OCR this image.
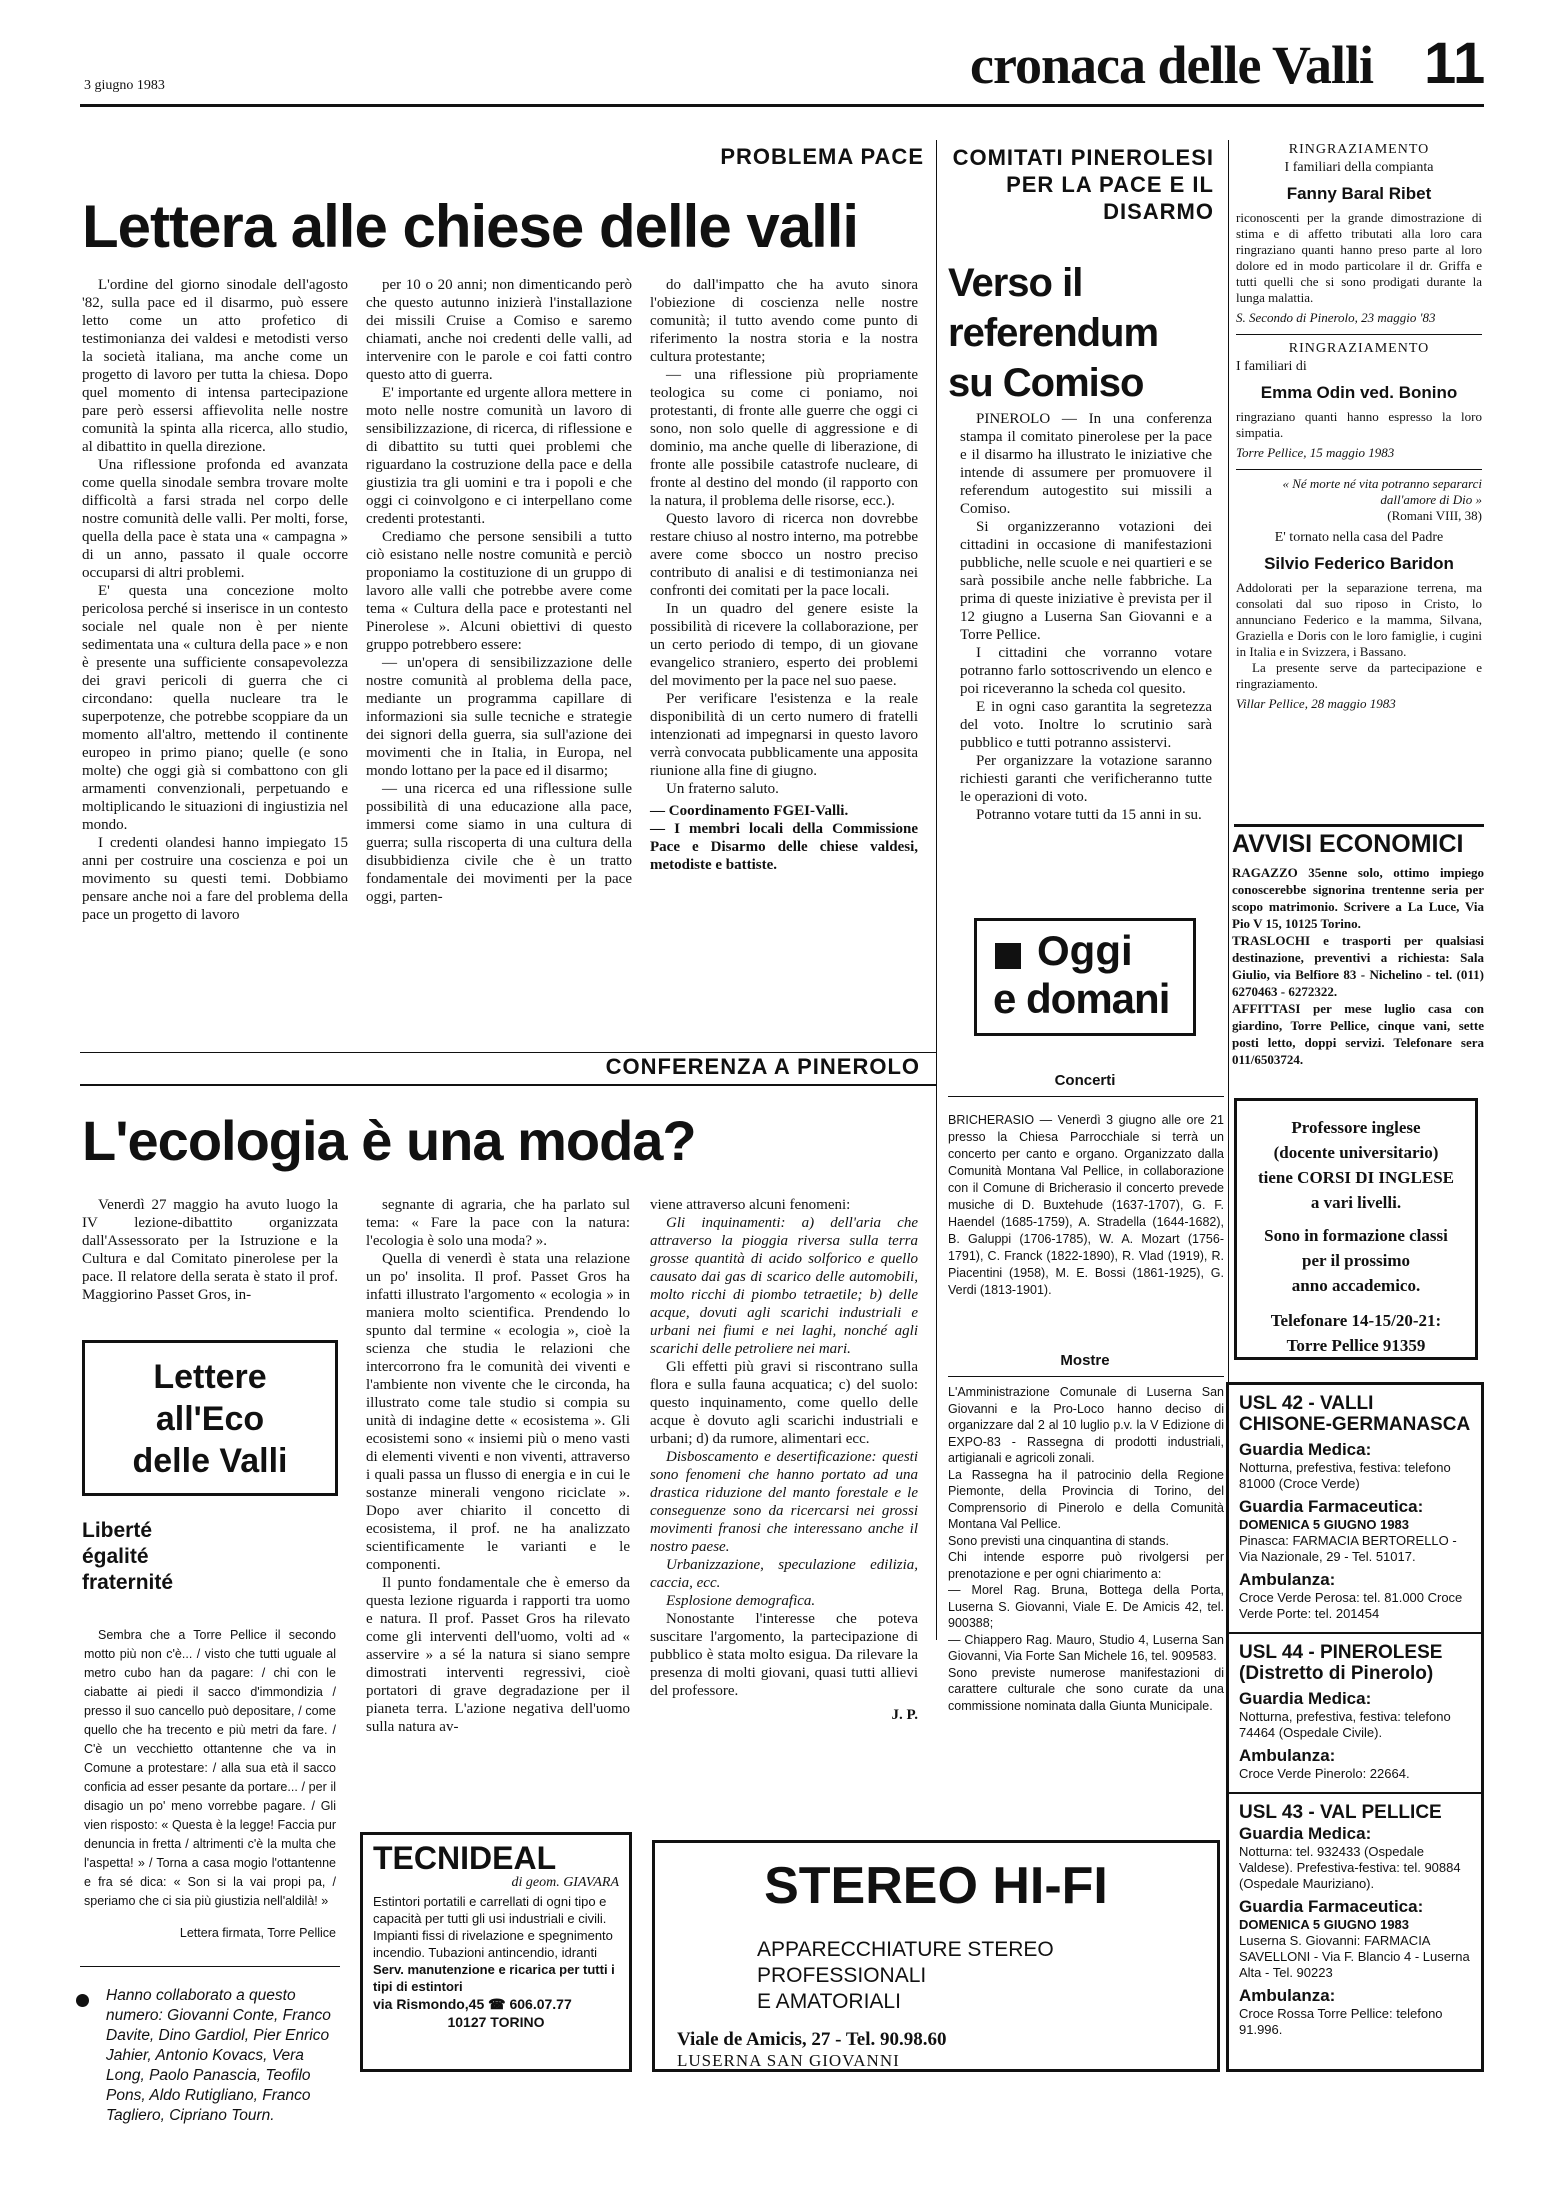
3 giugno 1983	cronaca delle Valli 11
PROBLEMA PACE
Lettera alle chiese delle valli

L'ordine del giorno sinodale dell'agosto '82, sulla pace ed il disarmo, può essere letto come un atto profetico di testimonianza dei valdesi e metodisti verso la società italiana, ma anche come un progetto di lavoro per tutta la chiesa. Dopo quel momento di intensa partecipazione pare però essersi affievolita nelle nostre comunità la spinta alla ricerca, allo studio, al dibattito in quella direzione.

Una riflessione profonda ed avanzata come quella sinodale sembra trovare molte difficoltà a farsi strada nel corpo delle nostre comunità delle valli. Per molti, forse, quella della pace è stata una « campagna » di un anno, passato il quale occorre occuparsi di altri problemi.

E' questa una concezione molto pericolosa perché si inserisce in un contesto sociale nel quale non è per niente sedimentata una « cultura della pace » e non è presente una sufficiente consapevolezza dei gravi pericoli di guerra che ci circondano: quella nucleare tra le superpotenze, che potrebbe scoppiare da un momento all'altro, mettendo il continente europeo in primo piano; quelle (e sono molte) che oggi già si combattono con gli armamenti convenzionali, perpetuando e moltiplicando le situazioni di ingiustizia nel mondo.

I credenti olandesi hanno impiegato 15 anni per costruire una coscienza e poi un movimento su questi temi. Dobbiamo pensare anche noi a fare del problema della pace un progetto di lavoro

per 10 o 20 anni; non dimenticando però che questo autunno inizierà l'installazione dei missili Cruise a Comiso e saremo chiamati, anche noi credenti delle valli, ad intervenire con le parole e coi fatti contro questo atto di guerra.

E' importante ed urgente allora mettere in moto nelle nostre comunità un lavoro di sensibilizzazione, di ricerca, di riflessione e di dibattito su tutti quei problemi che riguardano la costruzione della pace e della giustizia tra gli uomini e tra i popoli e che oggi ci coinvolgono e ci interpellano come credenti protestanti.

Crediamo che persone sensibili a tutto ciò esistano nelle nostre comunità e perciò proponiamo la costituzione di un gruppo di lavoro alle valli che potrebbe avere come tema « Cultura della pace e protestanti nel Pinerolese ». Alcuni obiettivi di questo gruppo potrebbero essere:

— un'opera di sensibilizzazione delle nostre comunità al problema della pace, mediante un programma capillare di informazioni sia sulle tecniche e strategie dei signori della guerra, sia sull'azione dei movimenti che in Italia, in Europa, nel mondo lottano per la pace ed il disarmo;

— una ricerca ed una riflessione sulle possibilità di una educazione alla pace, immersi come siamo in una cultura di guerra; sulla riscoperta di una cultura della disubbidienza civile che è un tratto fondamentale dei movimenti per la pace oggi, parten-

do dall'impatto che ha avuto sinora l'obiezione di coscienza nelle nostre comunità; il tutto avendo come punto di riferimento la nostra storia e la nostra cultura protestante;

— una riflessione più propriamente teologica su come ci poniamo, noi protestanti, di fronte alle guerre che oggi ci sono, non solo quelle di aggressione e di dominio, ma anche quelle di liberazione, di fronte alle possibile catastrofe nucleare, di fronte al destino del mondo (il rapporto con la natura, il problema delle risorse, ecc.).

Questo lavoro di ricerca non dovrebbe restare chiuso al nostro interno, ma potrebbe avere come sbocco un nostro preciso contributo di analisi e di testimonianza nei confronti dei comitati per la pace locali.

In un quadro del genere esiste la possibilità di ricevere la collaborazione, per un certo periodo di tempo, di un giovane evangelico straniero, esperto dei problemi del movimento per la pace nel suo paese.

Per verificare l'esistenza e la reale disponibilità di un certo numero di fratelli intenzionati ad impegnarsi in questo lavoro verrà convocata pubblicamente una apposita riunione alla fine di giugno.

Un fraterno saluto.

— Coordinamento FGEI-Valli.

— I membri locali della Commissione Pace e Disarmo delle chiese valdesi, metodiste e battiste.

COMITATI PINEROLESI PER LA PACE E IL DISARMO
Verso il referendum su Comiso

PINEROLO — In una conferenza stampa il comitato pinerolese per la pace e il disarmo ha illustrato le iniziative che intende di assumere per promuovere il referendum autogestito sui missili a Comiso.

Si organizzeranno votazioni dei cittadini in occasione di manifestazioni pubbliche, nelle scuole e nei quartieri e se sarà possibile anche nelle fabbriche. La prima di queste iniziative è prevista per il 12 giugno a Luserna San Giovanni e a Torre Pellice.

I cittadini che vorranno votare potranno farlo sottoscrivendo un elenco e poi riceveranno la scheda col quesito.

E in ogni caso garantita la segretezza del voto. Inoltre lo scrutinio sarà pubblico e tutti potranno assistervi.

Per organizzare la votazione saranno richiesti garanti che verificheranno tutte le operazioni di voto.

Potranno votare tutti da 15 anni in su.

Oggi
e domani
Concerti
BRICHERASIO — Venerdì 3 giugno alle ore 21 presso la Chiesa Parrocchiale si terrà un concerto per canto e organo. Organizzato dalla Comunità Montana Val Pellice, in collaborazione con il Comune di Bricherasio il concerto prevede musiche di D. Buxtehude (1637-1707), G. F. Haendel (1685-1759), A. Stradella (1644-1682), B. Galuppi (1706-1785), W. A. Mozart (1756-1791), C. Franck (1822-1890), R. Vlad (1919), R. Piacentini (1958), M. E. Bossi (1861-1925), G. Verdi (1813-1901).
Mostre

L'Amministrazione Comunale di Luserna San Giovanni e la Pro-Loco hanno deciso di organizzare dal 2 al 10 luglio p.v. la V Edizione di EXPO-83 - Rassegna di prodotti industriali, artigianali e agricoli zonali.

La Rassegna ha il patrocinio della Regione Piemonte, della Provincia di Torino, del Comprensorio di Pinerolo e della Comunità Montana Val Pellice.

Sono previsti una cinquantina di stands.

Chi intende esporre può rivolgersi per prenotazione e per ogni chiarimento a:

— Morel Rag. Bruna, Bottega della Porta, Luserna S. Giovanni, Viale E. De Amicis 42, tel. 900388;

— Chiappero Rag. Mauro, Studio 4, Luserna San Giovanni, Via Forte San Michele 16, tel. 909583.

Sono previste numerose manifestazioni di carattere culturale che sono curate da una commissione nominata dalla Giunta Municipale.

RINGRAZIAMENTO
I familiari della compianta
Fanny Baral Ribet
riconoscenti per la grande dimostrazione di stima e di affetto tributati alla loro cara ringraziano quanti hanno preso parte al loro dolore ed in modo particolare il dr. Griffa e tutti quelli che si sono prodigati durante la lunga malattia.
S. Secondo di Pinerolo, 23 maggio '83
RINGRAZIAMENTO
I familiari di
Emma Odin ved. Bonino
ringraziano quanti hanno espresso la loro simpatia.
Torre Pellice, 15 maggio 1983
« Né morte né vita potranno separarci dall'amore di Dio »
(Romani VIII, 38)
E' tornato nella casa del Padre
Silvio Federico Baridon
Addolorati per la separazione terrena, ma consolati dal suo riposo in Cristo, lo annunciano Federico e la mamma, Silvana, Graziella e Doris con le loro famiglie, i cugini in Italia e in Svizzera, i Bassano.
La presente serve da partecipazione e ringraziamento.
Villar Pellice, 28 maggio 1983
AVVISI ECONOMICI

RAGAZZO 35enne solo, ottimo impiego conoscerebbe signorina trentenne seria per scopo matrimonio. Scrivere a La Luce, Via Pio V 15, 10125 Torino.

TRASLOCHI e trasporti per qualsiasi destinazione, preventivi a richiesta: Sala Giulio, via Belfiore 83 - Nichelino - tel. (011) 6270463 - 6272322.

AFFITTASI per mese luglio casa con giardino, Torre Pellice, cinque vani, sette posti letto, doppi servizi. Telefonare sera 011/6503724.

Professore inglese
(docente universitario)
tiene CORSI DI INGLESE
a vari livelli.
Sono in formazione classi
per il prossimo
anno accademico.
Telefonare 14-15/20-21:
Torre Pellice 91359
USL 42 - VALLI CHISONE-GERMANASCA
Guardia Medica:
Notturna, prefestiva, festiva: telefono 81000 (Croce Verde)
Guardia Farmaceutica:
DOMENICA 5 GIUGNO 1983
Pinasca: FARMACIA BERTORELLO - Via Nazionale, 29 - Tel. 51017.
Ambulanza:
Croce Verde Perosa: tel. 81.000 Croce Verde Porte: tel. 201454
USL 44 - PINEROLESE (Distretto di Pinerolo)
Guardia Medica:
Notturna, prefestiva, festiva: telefono 74464 (Ospedale Civile).
Ambulanza:
Croce Verde Pinerolo: 22664.
USL 43 - VAL PELLICE
Guardia Medica:
Notturna: tel. 932433 (Ospedale Valdese). Prefestiva-festiva: tel. 90884 (Ospedale Mauriziano).
Guardia Farmaceutica:
DOMENICA 5 GIUGNO 1983
Luserna S. Giovanni: FARMACIA SAVELLONI - Via F. Blancio 4 - Luserna Alta - Tel. 90223
Ambulanza:
Croce Rossa Torre Pellice: telefono 91.996.
CONFERENZA A PINEROLO
L'ecologia è una moda?
Venerdì 27 maggio ha avuto luogo la IV lezione-dibattito organizzata dall'Assessorato per la Istruzione e la Cultura e dal Comitato pinerolese per la pace. Il relatore della serata è stato il prof. Maggiorino Passet Gros, in-

segnante di agraria, che ha parlato sul tema: « Fare la pace con la natura: l'ecologia è solo una moda? ».

Quella di venerdì è stata una relazione un po' insolita. Il prof. Passet Gros ha infatti illustrato l'argomento « ecologia » in maniera molto scientifica. Prendendo lo spunto dal termine « ecologia », cioè la scienza che studia le relazioni che intercorrono fra le comunità dei viventi e l'ambiente non vivente che le circonda, ha illustrato come tale studio si compia su unità di indagine dette « ecosistema ». Gli ecosistemi sono « insiemi più o meno vasti di elementi viventi e non viventi, attraverso i quali passa un flusso di energia e in cui le sostanze minerali vengono riciclate ». Dopo aver chiarito il concetto di ecosistema, il prof. ne ha analizzato scientificamente le varianti e le componenti.

Il punto fondamentale che è emerso da questa lezione riguarda i rapporti tra uomo e natura. Il prof. Passet Gros ha rilevato come gli interventi dell'uomo, volti ad « asservire » a sé la natura si siano sempre dimostrati interventi regressivi, cioè portatori di grave degradazione per il pianeta terra. L'azione negativa dell'uomo sulla natura av-

viene attraverso alcuni fenomeni:

Gli inquinamenti: a) dell'aria che attraverso la pioggia riversa sulla terra grosse quantità di acido solforico e quello causato dai gas di scarico delle automobili, molto ricchi di piombo tetraetile; b) delle acque, dovuti agli scarichi industriali e urbani nei fiumi e nei laghi, nonché agli scarichi delle petroliere nei mari.

Gli effetti più gravi si riscontrano sulla flora e sulla fauna acquatica; c) del suolo: questo inquinamento, come quello delle acque è dovuto agli scarichi industriali e urbani; d) da rumore, alimentari ecc.

Disboscamento e desertificazione: questi sono fenomeni che hanno portato ad una drastica riduzione del manto forestale e le conseguenze sono da ricercarsi nei grossi movimenti franosi che interessano anche il nostro paese.

Urbanizzazione, speculazione edilizia, caccia, ecc.

Esplosione demografica.

Nonostante l'interesse che poteva suscitare l'argomento, la partecipazione di pubblico è stata molto esigua. Da rilevare la presenza di molti giovani, quasi tutti allievi del professore.

J. P.
Lettere
all'Eco
delle Valli
Liberté
égalité
fraternité
Sembra che a Torre Pellice il secondo motto più non c'è... / visto che tutti uguale al metro cubo han da pagare: / chi con le ciabatte ai piedi il sacco d'immondizia / presso il suo cancello può depositare, / come quello che ha trecento e più metri da fare. / C'è un vecchietto ottantenne che va in Comune a protestare: / alla sua età il sacco conficia ad esser pesante da portare... / per il disagio un po' meno vorrebbe pagare. / Gli vien risposto: « Questa è la legge! Faccia pur denuncia in fretta / altrimenti c'è la multa che l'aspetta! » / Torna a casa mogio l'ottantenne e fra sé dica: « Son si la vai propi pa, / speriamo che ci sia più giustizia nell'aldilà! »
Lettera firmata, Torre Pellice
Hanno collaborato a questo numero: Giovanni Conte, Franco Davite, Dino Gardiol, Pier Enrico Jahier, Antonio Kovacs, Vera Long, Paolo Panascia, Teofilo Pons, Aldo Rutigliano, Franco Tagliero, Cipriano Tourn.
TECNIDEAL
di geom. GIAVARA
Estintori portatili e carrellati di ogni tipo e capacità per tutti gli usi industriali e civili. Impianti fissi di rivelazione e spegnimento incendio. Tubazioni antincendio, idranti
Serv. manutenzione e ricarica per tutti i tipi di estintori
via Rismondo,45 ☎ 606.07.77
10127 TORINO
STEREO HI-FI
APPARECCHIATURE STEREO
PROFESSIONALI
E AMATORIALI
Viale de Amicis, 27 - Tel. 90.98.60
LUSERNA SAN GIOVANNI
